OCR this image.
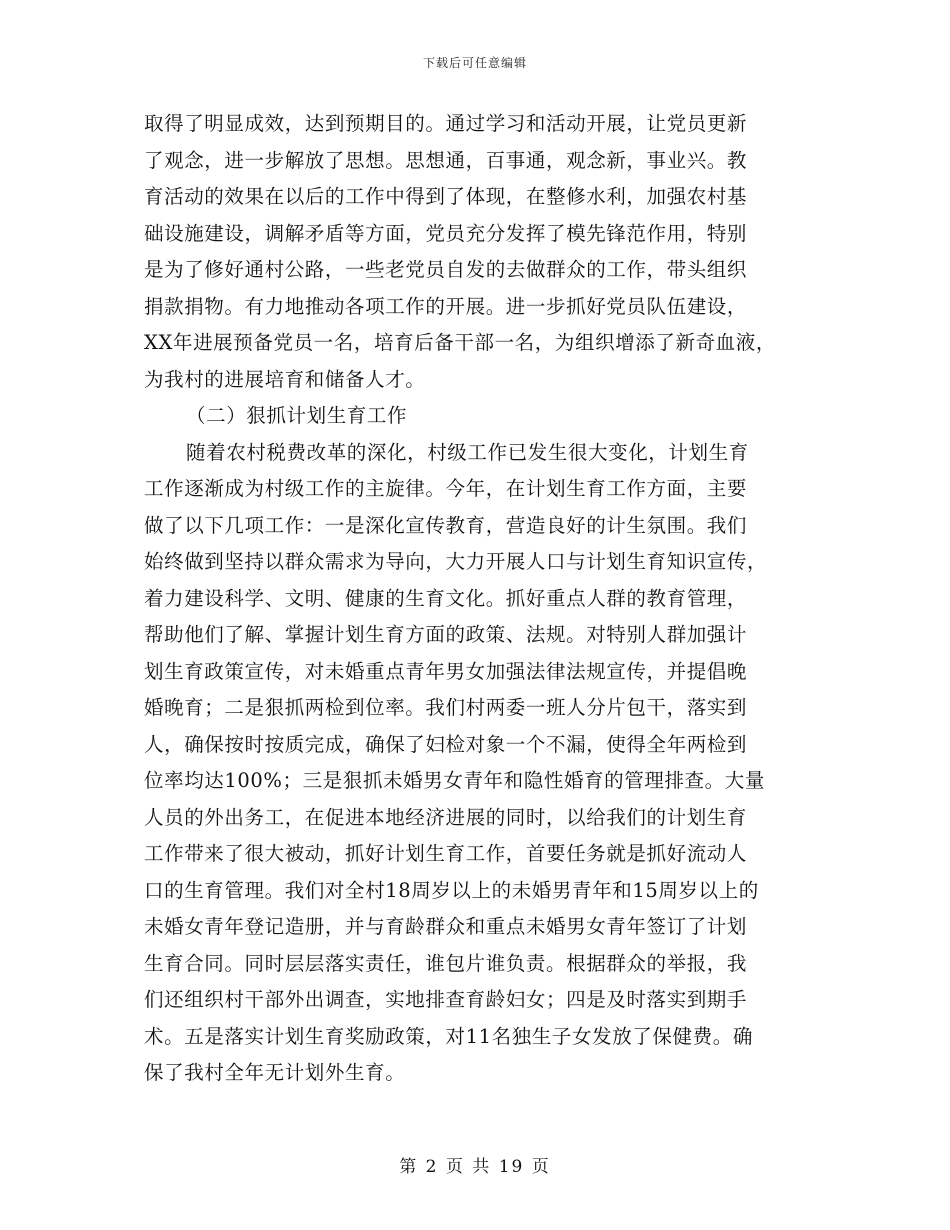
下载后可任意编辑
取得了明显成效，达到预期目的。通过学习和活动开展，让党员更新
了观念，进一步解放了思想。思想通，百事通，观念新，事业兴。教
育活动的效果在以后的工作中得到了体现，在整修水利，加强农村基
础设施建设，调解矛盾等方面，党员充分发挥了模先锋范作用，特别
是为了修好通村公路，一些老党员自发的去做群众的工作，带头组织
捐款捐物。有力地推动各项工作的开展。进一步抓好党员队伍建设，
XX年进展预备党员一名，培育后备干部一名，为组织增添了新奇血液，
为我村的进展培育和储备人才。
（二）狠抓计划生育工作
随着农村税费改革的深化，村级工作已发生很大变化，计划生育
工作逐渐成为村级工作的主旋律。今年，在计划生育工作方面，主要
做了以下几项工作：一是深化宣传教育，营造良好的计生氛围。我们
始终做到坚持以群众需求为导向，大力开展人口与计划生育知识宣传，
着力建设科学、文明、健康的生育文化。抓好重点人群的教育管理，
帮助他们了解、掌握计划生育方面的政策、法规。对特别人群加强计
划生育政策宣传，对未婚重点青年男女加强法律法规宣传，并提倡晚
婚晚育；二是狠抓两检到位率。我们村两委一班人分片包干，落实到
人，确保按时按质完成，确保了妇检对象一个不漏，使得全年两检到
位率均达100%；三是狠抓未婚男女青年和隐性婚育的管理排查。大量
人员的外出务工，在促进本地经济进展的同时，以给我们的计划生育
工作带来了很大被动，抓好计划生育工作，首要任务就是抓好流动人
口的生育管理。我们对全村18周岁以上的未婚男青年和15周岁以上的
未婚女青年登记造册，并与育龄群众和重点未婚男女青年签订了计划
生育合同。同时层层落实责任，谁包片谁负责。根据群众的举报，我
们还组织村干部外出调查，实地排查育龄妇女；四是及时落实到期手
术。五是落实计划生育奖励政策，对11名独生子女发放了保健费。确
保了我村全年无计划外生育。
第 2 页 共 19 页
